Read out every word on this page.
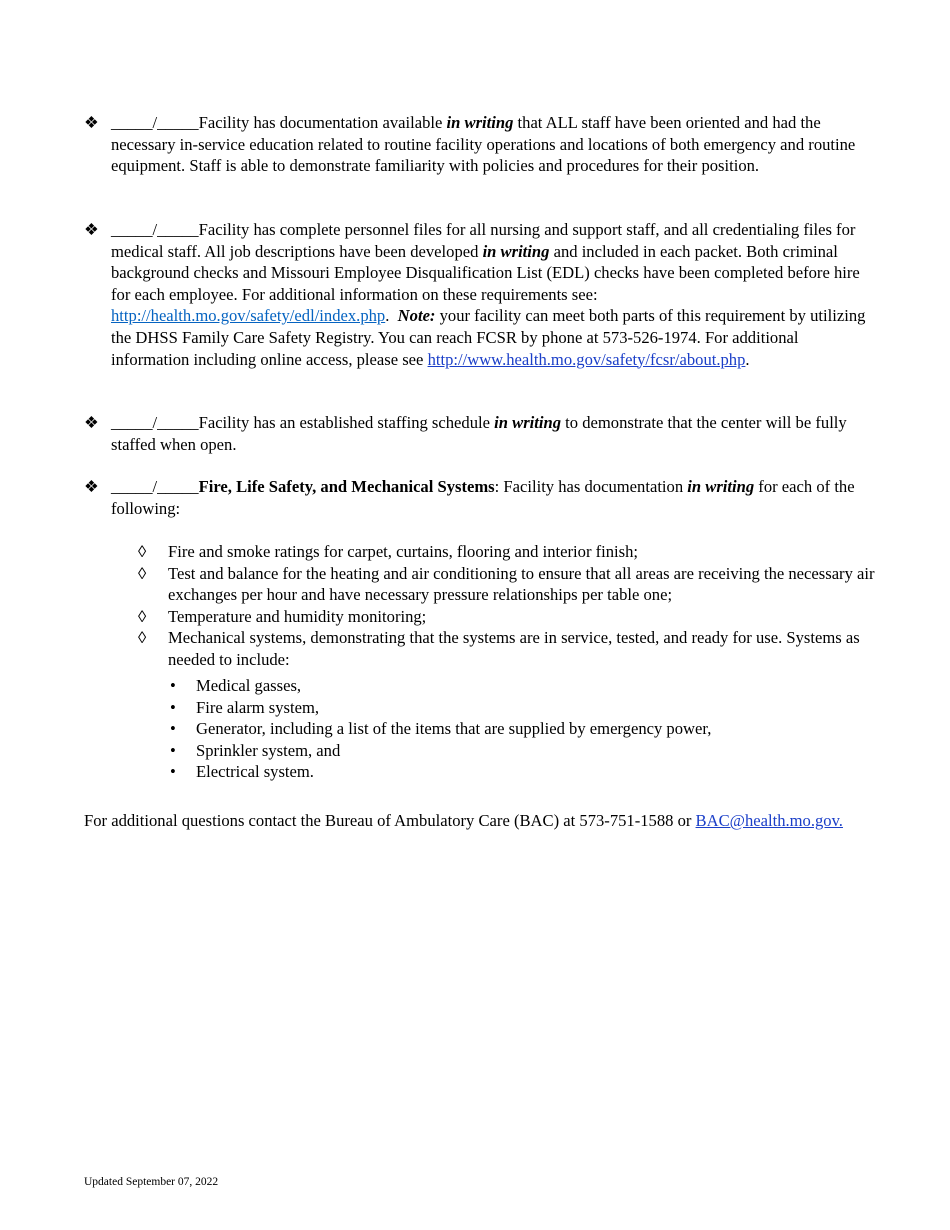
❖ _____/_____Facility has documentation available in writing that ALL staff have been oriented and had the necessary in-service education related to routine facility operations and locations of both emergency and routine equipment. Staff is able to demonstrate familiarity with policies and procedures for their position.
❖ _____/_____Facility has complete personnel files for all nursing and support staff, and all credentialing files for medical staff. All job descriptions have been developed in writing and included in each packet. Both criminal background checks and Missouri Employee Disqualification List (EDL) checks have been completed before hire for each employee. For additional information on these requirements see: http://health.mo.gov/safety/edl/index.php.  Note: your facility can meet both parts of this requirement by utilizing the DHSS Family Care Safety Registry. You can reach FCSR by phone at 573-526-1974. For additional information including online access, please see http://www.health.mo.gov/safety/fcsr/about.php.
❖ _____/_____Facility has an established staffing schedule in writing to demonstrate that the center will be fully staffed when open.
❖ _____/_____Fire, Life Safety, and Mechanical Systems: Facility has documentation in writing for each of the following:
◊ Fire and smoke ratings for carpet, curtains, flooring and interior finish;
◊ Test and balance for the heating and air conditioning to ensure that all areas are receiving the necessary air exchanges per hour and have necessary pressure relationships per table one;
◊ Temperature and humidity monitoring;
◊ Mechanical systems, demonstrating that the systems are in service, tested, and ready for use. Systems as needed to include:
• Medical gasses,
• Fire alarm system,
• Generator, including a list of the items that are supplied by emergency power,
• Sprinkler system, and
• Electrical system.
For additional questions contact the Bureau of Ambulatory Care (BAC) at 573-751-1588 or BAC@health.mo.gov.
Updated September 07, 2022
